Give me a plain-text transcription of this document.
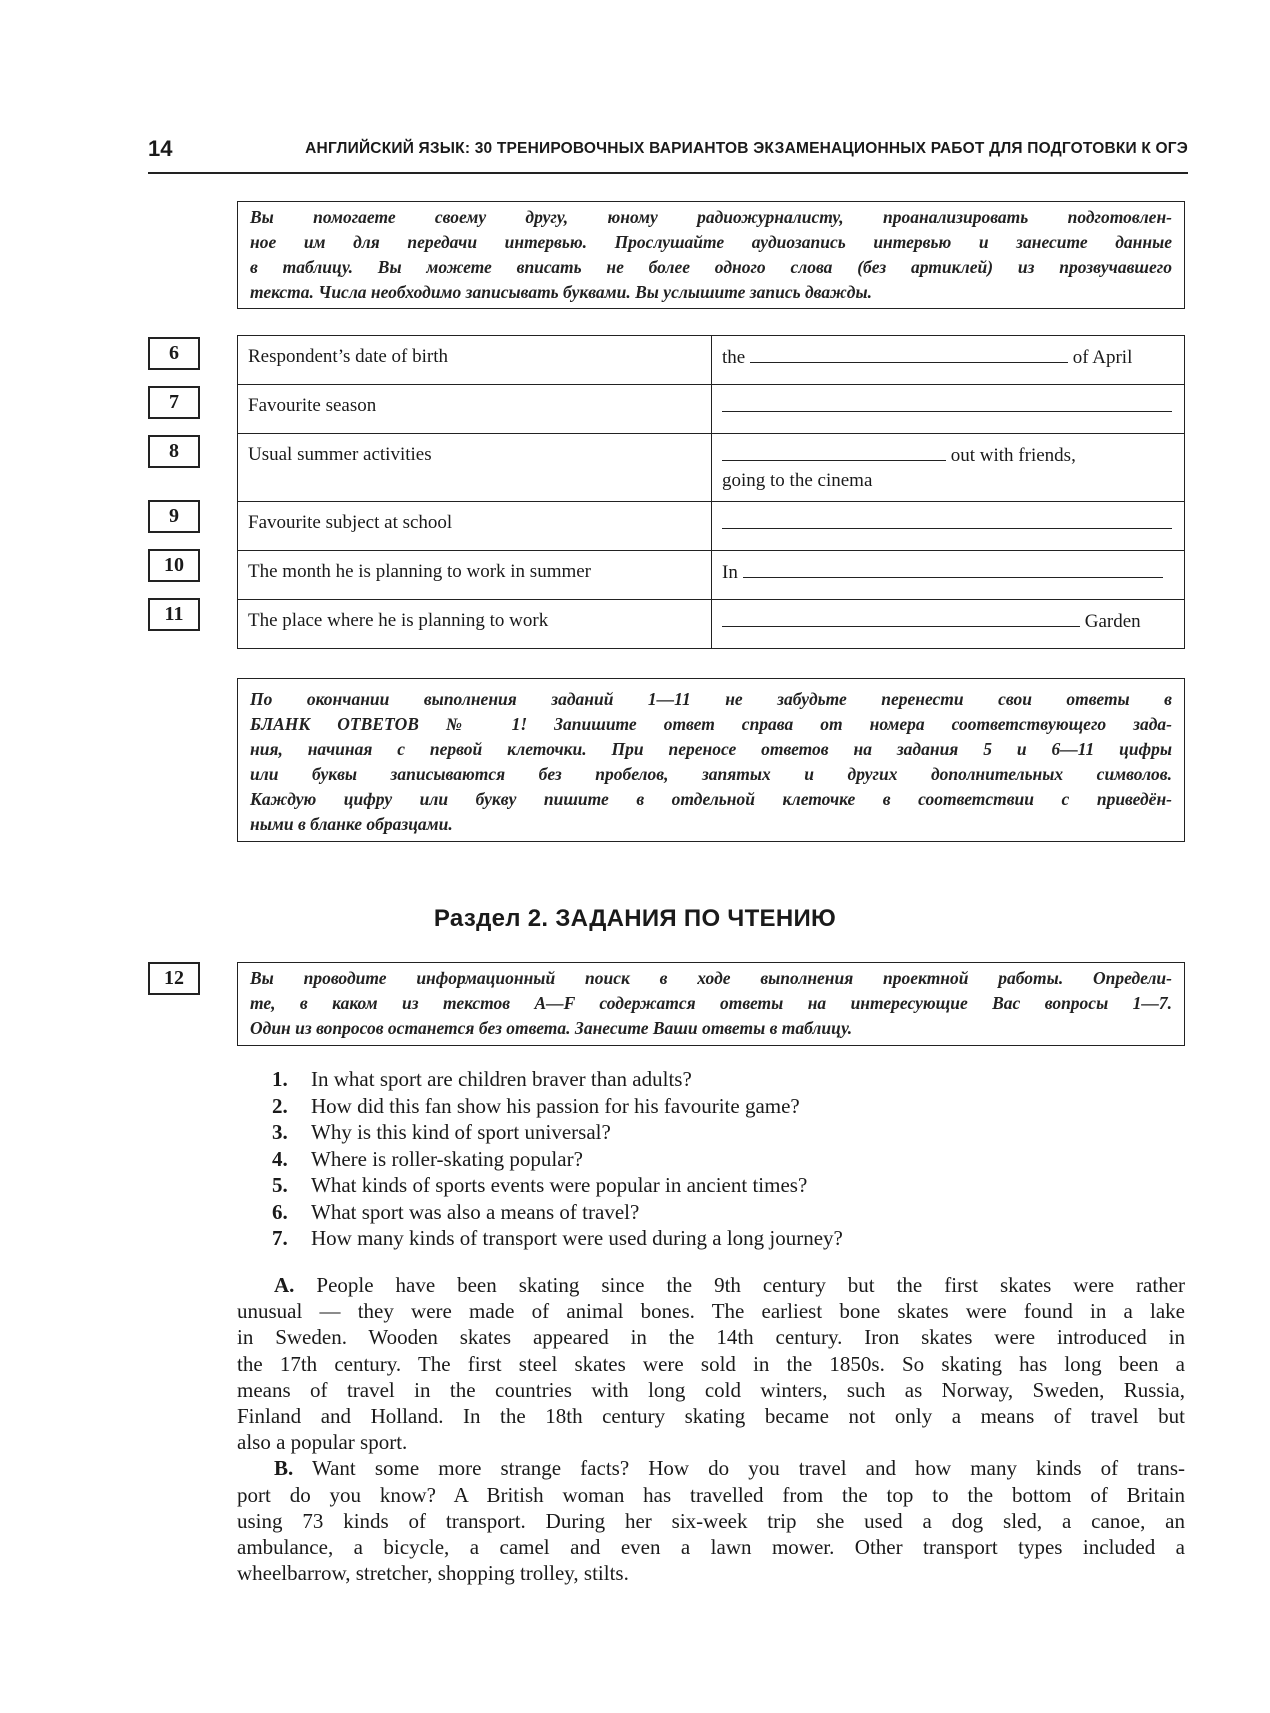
14	АНГЛИЙСКИЙ ЯЗЫК: 30 ТРЕНИРОВОЧНЫХ ВАРИАНТОВ ЭКЗАМЕНАЦИОННЫХ РАБОТ ДЛЯ ПОДГОТОВКИ К ОГЭ
Вы помогаете своему другу, юному радиожурналисту, проанализировать подготовлен-
ное им для передачи интервью. Прослушайте аудиозапись интервью и занесите данные
в таблицу. Вы можете вписать не более одного слова (без артиклей) из прозвучавшего
текста. Числа необходимо записывать буквами. Вы услышите запись дважды.
6
7
8
9
10
11
Respondent’s date of birth	the of April
Favourite season	
Usual summer activities	out with friends,
going to the cinema
Favourite subject at school	
The month he is planning to work in summer	In
The place where he is planning to work	Garden
По окончании выполнения заданий 1—11 не забудьте перенести свои ответы в
БЛАНК ОТВЕТОВ № 1! Запишите ответ справа от номера соответствующего зада-
ния, начиная с первой клеточки. При переносе ответов на задания 5 и 6—11 цифры
или буквы записываются без пробелов, запятых и других дополнительных символов.
Каждую цифру или букву пишите в отдельной клеточке в соответствии с приведён-
ными в бланке образцами.
Раздел 2. ЗАДАНИЯ ПО ЧТЕНИЮ
12	Вы проводите информационный поиск в ходе выполнения проектной работы. Определи-
те, в каком из текстов А—F содержатся ответы на интересующие Вас вопросы 1—7.
Один из вопросов останется без ответа. Занесите Ваши ответы в таблицу.
1. In what sport are children braver than adults?
2. How did this fan show his passion for his favourite game?
3. Why is this kind of sport universal?
4. Where is roller-skating popular?
5. What kinds of sports events were popular in ancient times?
6. What sport was also a means of travel?
7. How many kinds of transport were used during a long journey?

A. People have been skating since the 9th century but the first skates were rather
unusual — they were made of animal bones. The earliest bone skates were found in a lake
in Sweden. Wooden skates appeared in the 14th century. Iron skates were introduced in
the 17th century. The first steel skates were sold in the 1850s. So skating has long been a
means of travel in the countries with long cold winters, such as Norway, Sweden, Russia,
Finland and Holland. In the 18th century skating became not only a means of travel but
also a popular sport.

B. Want some more strange facts? How do you travel and how many kinds of trans-
port do you know? A British woman has travelled from the top to the bottom of Britain
using 73 kinds of transport. During her six-week trip she used a dog sled, a canoe, an
ambulance, a bicycle, a camel and even a lawn mower. Other transport types included a
wheelbarrow, stretcher, shopping trolley, stilts.
